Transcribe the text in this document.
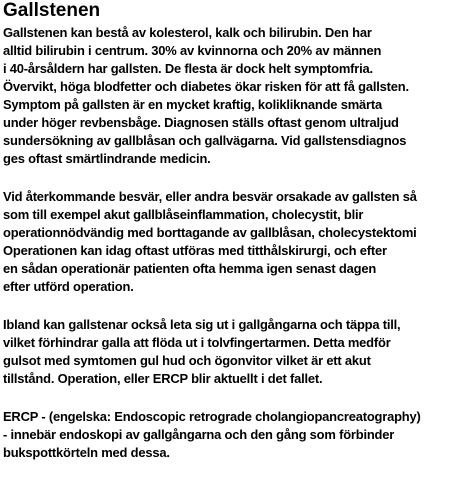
Gallstenen

Gallstenen kan bestå av kolesterol, kalk och bilirubin. Den har
alltid bilirubin i centrum. 30% av kvinnorna och 20% av männen
i 40-årsåldern har gallsten. De flesta är dock helt symptomfria.
Övervikt, höga blodfetter och diabetes ökar risken för att få gallsten.
Symptom på gallsten är en mycket kraftig, kolikliknande smärta
under höger revbensbåge. Diagnosen ställs oftast genom ultraljud
sundersökning av gallblåsan och gallvägarna. Vid gallstensdiagnos
ges oftast smärtlindrande medicin.

Vid återkommande besvär, eller andra besvär orsakade av gallsten så
som till exempel akut gallblåseinflammation, cholecystit, blir
operationnödvändig med borttagande av gallblåsan, cholecystektomi
Operationen kan idag oftast utföras med titthålskirurgi, och efter
en sådan operationär patienten ofta hemma igen senast dagen
efter utförd operation.

Ibland kan gallstenar också leta sig ut i gallgångarna och täppa till,
vilket förhindrar galla att flöda ut i tolvfingertarmen. Detta medför
gulsot med symtomen gul hud och ögonvitor vilket är ett akut
tillstånd. Operation, eller ERCP blir aktuellt i det fallet.

ERCP - (engelska: Endoscopic retrograde cholangiopancreatography)
- innebär endoskopi av gallgångarna och den gång som förbinder
bukspottkörteln med dessa.
